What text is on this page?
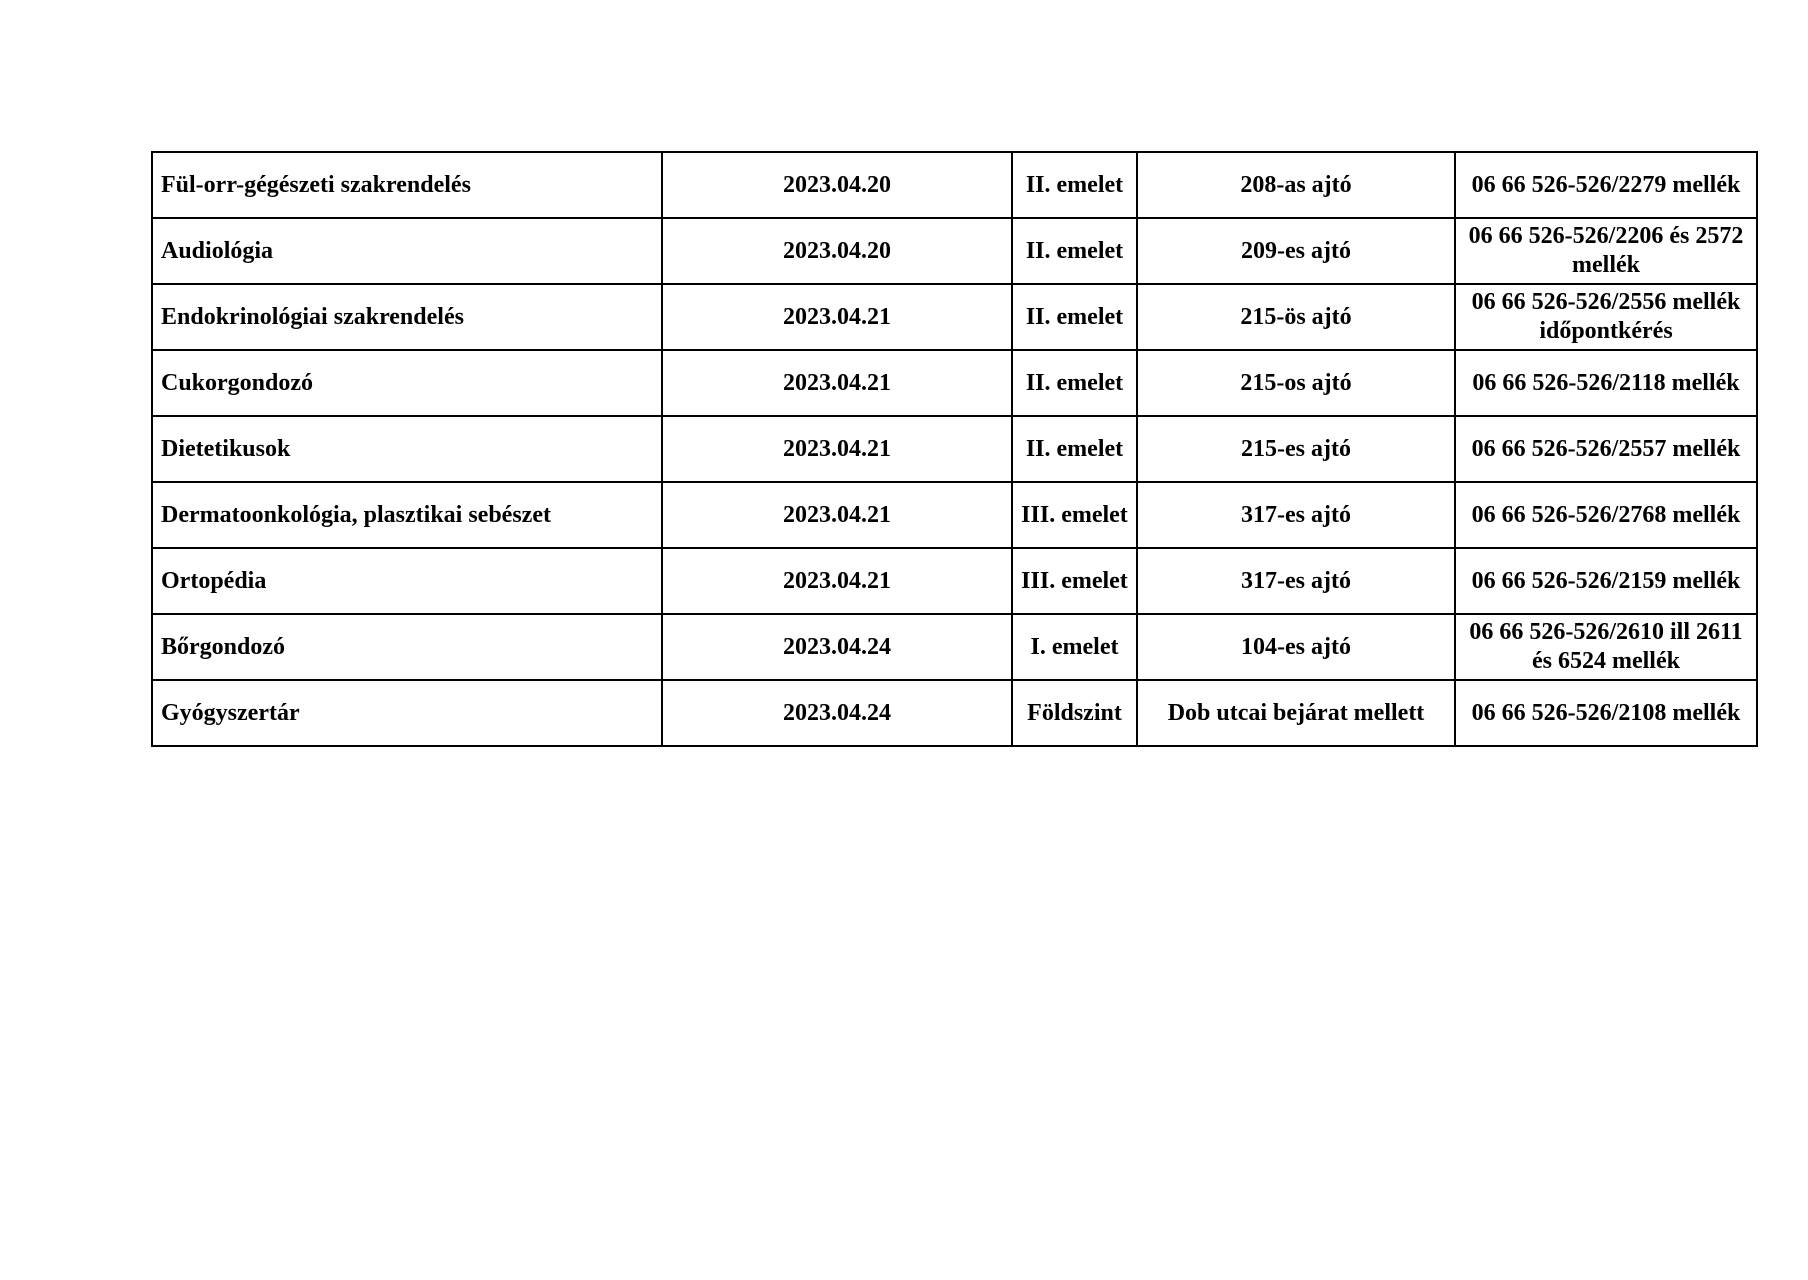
Fül-orr-gégészeti szakrendelés	2023.04.20	II. emelet	208-as ajtó	06 66 526-526/2279 mellék
Audiológia	2023.04.20	II. emelet	209-es ajtó	06 66 526-526/2206 és 2572 mellék
Endokrinológiai szakrendelés	2023.04.21	II. emelet	215-ös ajtó	06 66 526-526/2556 mellék időpontkérés
Cukorgondozó	2023.04.21	II. emelet	215-os ajtó	06 66 526-526/2118 mellék
Dietetikusok	2023.04.21	II. emelet	215-es ajtó	06 66 526-526/2557 mellék
Dermatoonkológia, plasztikai sebészet	2023.04.21	III. emelet	317-es ajtó	06 66 526-526/2768 mellék
Ortopédia	2023.04.21	III. emelet	317-es ajtó	06 66 526-526/2159 mellék
Bőrgondozó	2023.04.24	I. emelet	104-es ajtó	06 66 526-526/2610 ill 2611 és 6524 mellék
Gyógyszertár	2023.04.24	Földszint	Dob utcai bejárat mellett	06 66 526-526/2108 mellék
